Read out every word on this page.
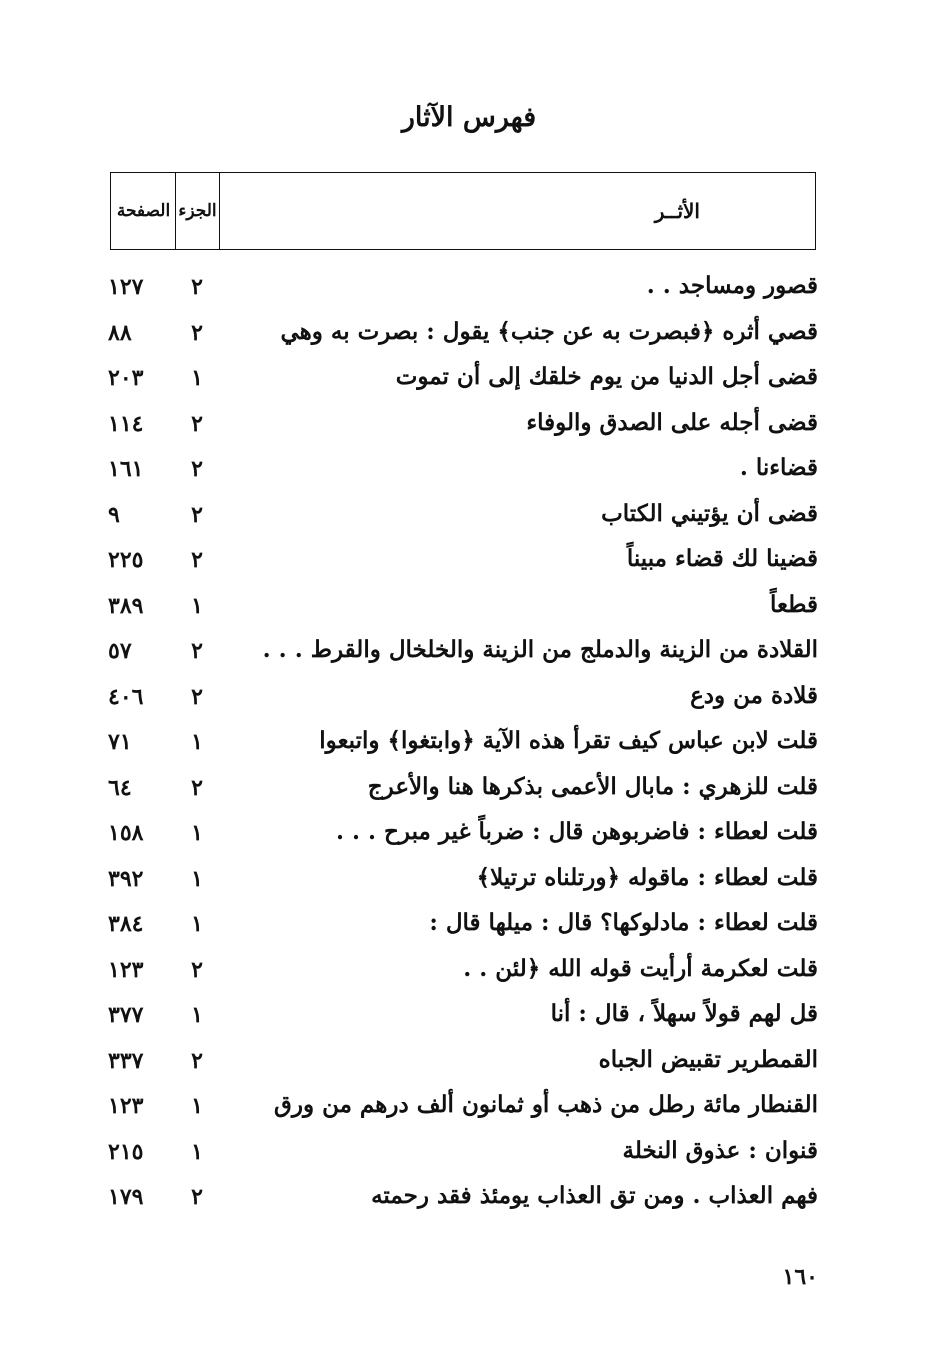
فهرس الآثار
الأثــر
الجزء
الصفحة
قصور ومساجد . .
٢
١٢٧
قصي أثره ﴿فبصرت به عن جنب﴾ يقول : بصرت به وهي
٢
٨٨
قضى أجل الدنيا من يوم خلقك إلى أن تموت
١
٢٠٣
قضى أجله على الصدق والوفاء
٢
١١٤
قضاءنا .
٢
١٦١
قضى أن يؤتيني الكتاب
٢
٩
قضينا لك قضاء مبيناً
٢
٢٢٥
قطعاً
١
٣٨٩
القلادة من الزينة والدملج من الزينة والخلخال والقرط . . .
٢
٥٧
قلادة من ودع
٢
٤٠٦
قلت لابن عباس كيف تقرأ هذه الآية ﴿وابتغوا﴾ واتبعوا
١
٧١
قلت للزهري : مابال الأعمى بذكرها هنا والأعرج
٢
٦٤
قلت لعطاء : فاضربوهن قال : ضرباً غير مبرح . . .
١
١٥٨
قلت لعطاء : ماقوله ﴿ورتلناه ترتيلا﴾
١
٣٩٢
قلت لعطاء : مادلوكها؟ قال : ميلها قال :
١
٣٨٤
قلت لعكرمة أرأيت قوله الله ﴿لئن . .
٢
١٢٣
قل لهم قولاً سهلاً ، قال : أنا
١
٣٧٧
القمطرير تقبيض الجباه
٢
٣٣٧
القنطار مائة رطل من ذهب أو ثمانون ألف درهم من ورق
١
١٢٣
قنوان : عذوق النخلة
١
٢١٥
فهم العذاب . ومن تق العذاب يومئذ فقد رحمته
٢
١٧٩
١٦٠
